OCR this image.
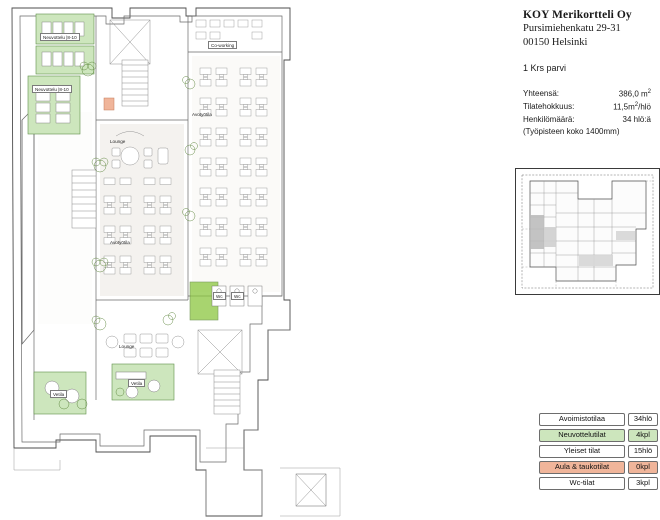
Neuvottelu |8-10
Neuvottelu |8-10
Co-working
Avotyötila
Lounge
Avotyötila
Lounge
Vetila
Vetila
Wc	Wc
KOY Merikortteli Oy
Pursimiehenkatu 29-31
00150 Helsinki
1 Krs parvi
Yhteensä:	386,0 $m^2$
Tilatehokkuus:	$11,5m^2$/hlö
Henkilömäärä:	34 hlö:ä
(Työpisteen koko 1400mm)
Avoimistotilaa	34hlö
Neuvottelutilat	4kpl
Yleiset tilat	15hlö
Aula & taukotilat	0kpl
Wc-tilat	3kpl
